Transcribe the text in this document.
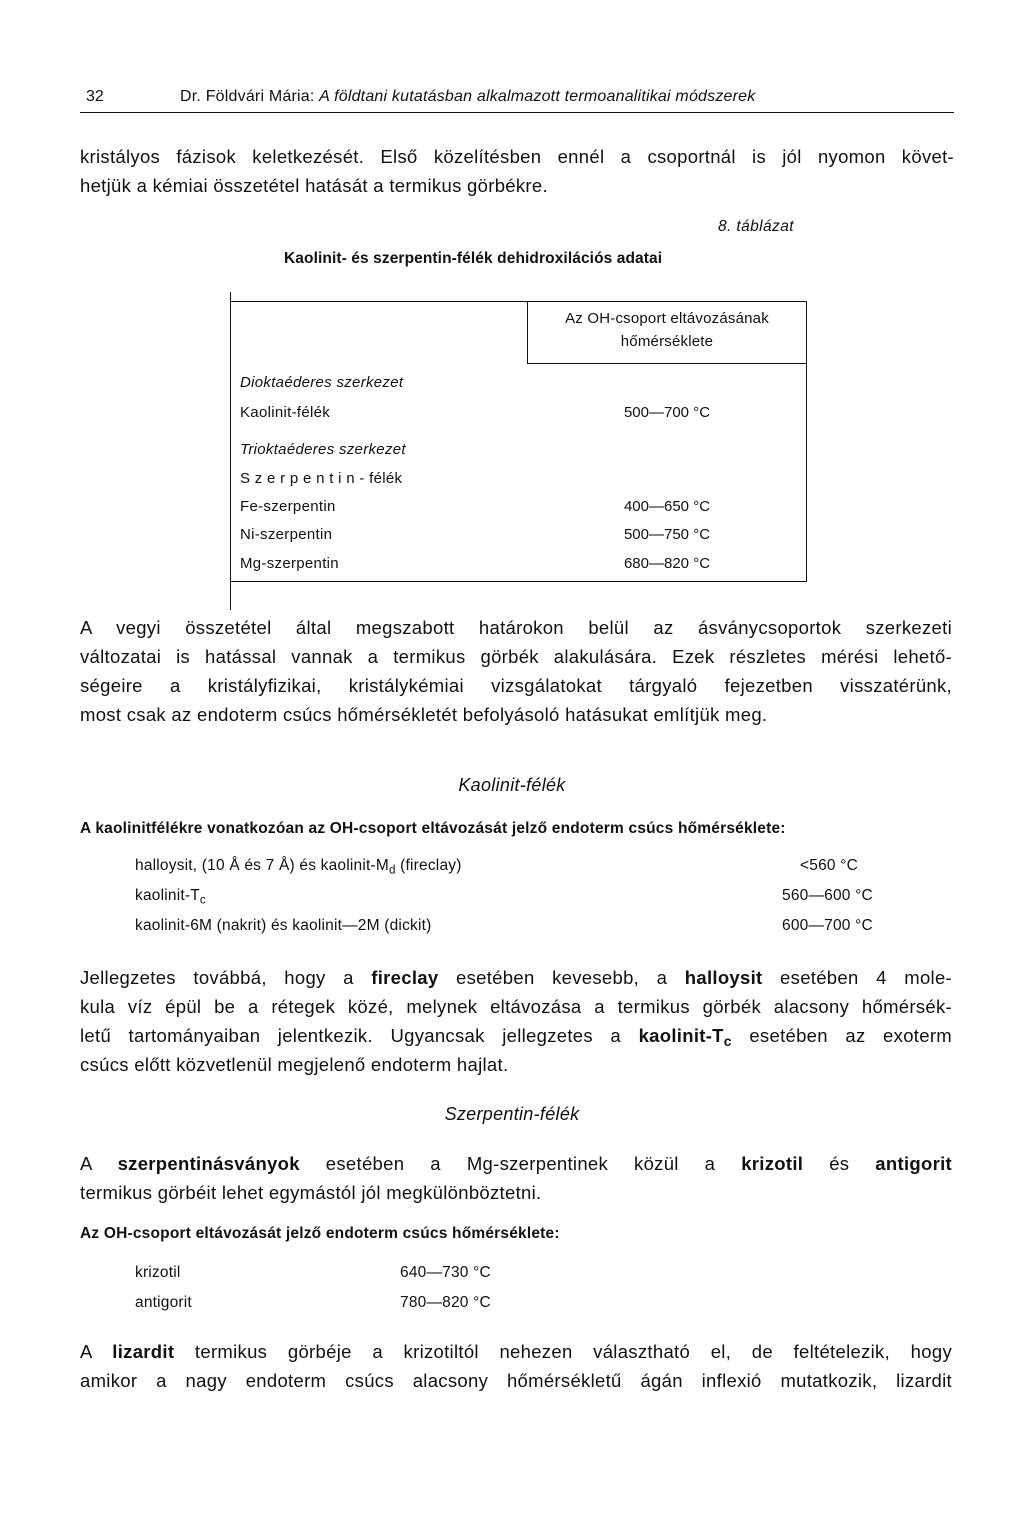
32	Dr. Földvári Mária: A földtani kutatásban alkalmazott termoanalitikai módszerek
kristályos fázisok keletkezését. Első közelítésben ennél a csoportnál is jól nyomon követ-
hetjük a kémiai összetétel hatását a termikus görbékre.
8. táblázat
Kaolinit- és szerpentin-félék dehidroxilációs adatai
Az OH-csoport eltávozásának
hőmérséklete
Dioktaéderes szerkezet
Kaolinit-félék	500—700 °C
Trioktaéderes szerkezet
S z e r p e n t i n - félék
Fe-szerpentin	400—650 °C
Ni-szerpentin	500—750 °C
Mg-szerpentin	680—820 °C
A vegyi összetétel által megszabott határokon belül az ásványcsoportok szerkezeti
változatai is hatással vannak a termikus görbék alakulására. Ezek részletes mérési lehető-
ségeire a kristályfizikai, kristálykémiai vizsgálatokat tárgyaló fejezetben visszatérünk,
most csak az endoterm csúcs hőmérsékletét befolyásoló hatásukat említjük meg.
Kaolinit-félék
A kaolinitfélékre vonatkozóan az OH-csoport eltávozását jelző endoterm csúcs hőmérséklete:
halloysit, (10 Å és 7 Å) és kaolinit-$M_d$ (fireclay)	<560 °C
kaolinit-$T_c$	560—600 °C
kaolinit-6M (nakrit) és kaolinit—2M (dickit)	600—700 °C
Jellegzetes továbbá, hogy a fireclay esetében kevesebb, a halloysit esetében 4 mole-
kula víz épül be a rétegek közé, melynek eltávozása a termikus görbék alacsony hőmérsék-
letű tartományaiban jelentkezik. Ugyancsak jellegzetes a kaolinit-$T_c$ esetében az exoterm
csúcs előtt közvetlenül megjelenő endoterm hajlat.
Szerpentin-félék
A szerpentinásványok esetében a Mg-szerpentinek közül a krizotil és antigorit
termikus görbéit lehet egymástól jól megkülönböztetni.
Az OH-csoport eltávozását jelző endoterm csúcs hőmérséklete:
krizotil	640—730 °C
antigorit	780—820 °C
A lizardit termikus görbéje a krizotiltól nehezen választható el, de feltételezik, hogy
amikor a nagy endoterm csúcs alacsony hőmérsékletű ágán inflexió mutatkozik, lizardit
